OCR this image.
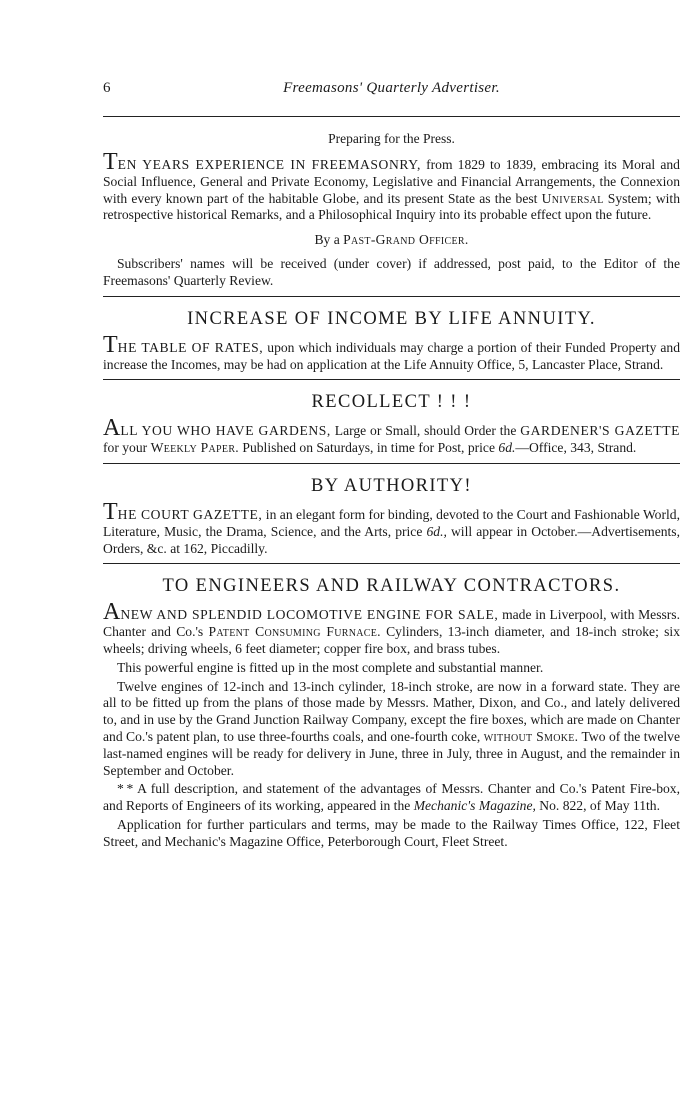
6	Freemasons' Quarterly Advertiser.
Preparing for the Press.

TEN YEARS EXPERIENCE IN FREEMASONRY, from 1829 to 1839, embracing its Moral and Social Influence, General and Private Economy, Legislative and Financial Arrangements, the Connexion with every known part of the habitable Globe, and its present State as the best Universal System; with retrospective historical Remarks, and a Philosophical Inquiry into its probable effect upon the future.

By a Past-Grand Officer.

Subscribers' names will be received (under cover) if addressed, post paid, to the Editor of the Freemasons' Quarterly Review.

INCREASE OF INCOME BY LIFE ANNUITY.

THE TABLE OF RATES, upon which individuals may charge a portion of their Funded Property and increase the Incomes, may be had on application at the Life Annuity Office, 5, Lancaster Place, Strand.

RECOLLECT ! ! !

ALL YOU WHO HAVE GARDENS, Large or Small, should Order the GARDENER'S GAZETTE for your Weekly Paper. Published on Saturdays, in time for Post, price 6d.—Office, 343, Strand.

BY AUTHORITY!

THE COURT GAZETTE, in an elegant form for binding, devoted to the Court and Fashionable World, Literature, Music, the Drama, Science, and the Arts, price 6d., will appear in October.—Advertisements, Orders, &c. at 162, Piccadilly.

TO ENGINEERS AND RAILWAY CONTRACTORS.

ANEW AND SPLENDID LOCOMOTIVE ENGINE FOR SALE, made in Liverpool, with Messrs. Chanter and Co.'s Patent Consuming Furnace. Cylinders, 13-inch diameter, and 18-inch stroke; six wheels; driving wheels, 6 feet diameter; copper fire box, and brass tubes.

This powerful engine is fitted up in the most complete and substantial manner.

Twelve engines of 12-inch and 13-inch cylinder, 18-inch stroke, are now in a forward state. They are all to be fitted up from the plans of those made by Messrs. Mather, Dixon, and Co., and lately delivered to, and in use by the Grand Junction Railway Company, except the fire boxes, which are made on Chanter and Co.'s patent plan, to use three-fourths coals, and one-fourth coke, without Smoke. Two of the twelve last-named engines will be ready for delivery in June, three in July, three in August, and the remainder in September and October.

* * A full description, and statement of the advantages of Messrs. Chanter and Co.'s Patent Fire-box, and Reports of Engineers of its working, appeared in the Mechanic's Magazine, No. 822, of May 11th.

Application for further particulars and terms, may be made to the Railway Times Office, 122, Fleet Street, and Mechanic's Magazine Office, Peterborough Court, Fleet Street.
